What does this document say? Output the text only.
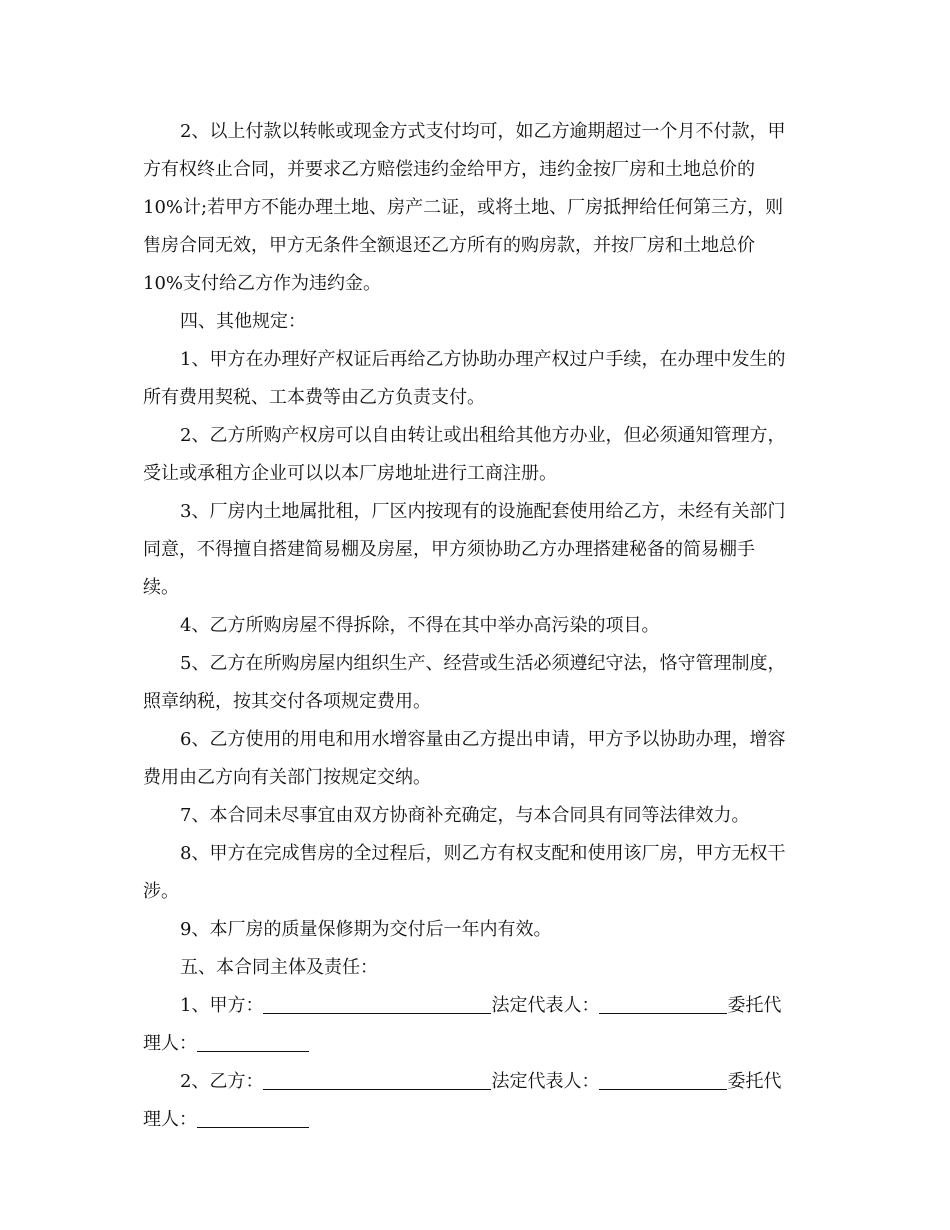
2、以上付款以转帐或现金方式支付均可，如乙方逾期超过一个月不付款，甲
方有权终止合同，并要求乙方赔偿违约金给甲方，违约金按厂房和土地总价的
10%计;若甲方不能办理土地、房产二证，或将土地、厂房抵押给任何第三方，则
售房合同无效，甲方无条件全额退还乙方所有的购房款，并按厂房和土地总价
10%支付给乙方作为违约金。
四、其他规定：
1、甲方在办理好产权证后再给乙方协助办理产权过户手续，在办理中发生的
所有费用契税、工本费等由乙方负责支付。
2、乙方所购产权房可以自由转让或出租给其他方办业，但必须通知管理方，
受让或承租方企业可以以本厂房地址进行工商注册。
3、厂房内土地属批租，厂区内按现有的设施配套使用给乙方，未经有关部门
同意，不得擅自搭建简易棚及房屋，甲方须协助乙方办理搭建秘备的简易棚手
续。
4、乙方所购房屋不得拆除，不得在其中举办高污染的项目。
5、乙方在所购房屋内组织生产、经营或生活必须遵纪守法，恪守管理制度，
照章纳税，按其交付各项规定费用。
6、乙方使用的用电和用水增容量由乙方提出申请，甲方予以协助办理，增容
费用由乙方向有关部门按规定交纳。
7、本合同未尽事宜由双方协商补充确定，与本合同具有同等法律效力。
8、甲方在完成售房的全过程后，则乙方有权支配和使用该厂房，甲方无权干
涉。
9、本厂房的质量保修期为交付后一年内有效。
五、本合同主体及责任：
1、甲方：	法定代表人：	委托代
理人：
2、乙方：	法定代表人：	委托代
理人：
